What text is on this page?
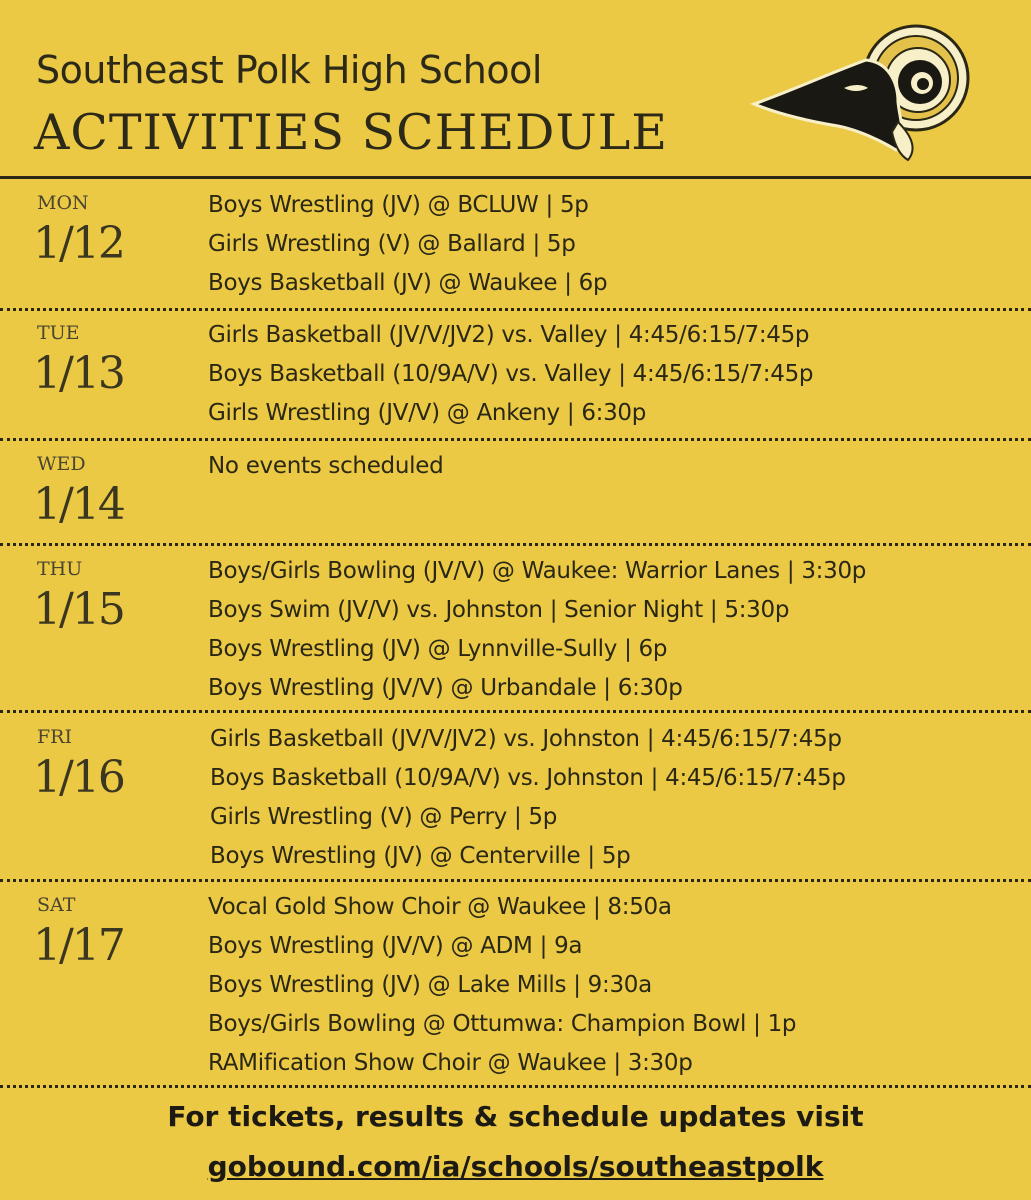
Southeast Polk High School
ACTIVITIES SCHEDULE
MON
1/12
Boys Wrestling (JV) @ BCLUW | 5p
Girls Wrestling (V) @ Ballard | 5p
Boys Basketball (JV) @ Waukee | 6p
TUE
1/13
Girls Basketball (JV/V/JV2) vs. Valley | 4:45/6:15/7:45p
Boys Basketball (10/9A/V) vs. Valley | 4:45/6:15/7:45p
Girls Wrestling (JV/V) @ Ankeny | 6:30p
WED
1/14
No events scheduled
THU
1/15
Boys/Girls Bowling (JV/V) @ Waukee: Warrior Lanes | 3:30p
Boys Swim (JV/V) vs. Johnston | Senior Night | 5:30p
Boys Wrestling (JV) @ Lynnville-Sully | 6p
Boys Wrestling (JV/V) @ Urbandale | 6:30p
FRI
1/16
Girls Basketball (JV/V/JV2) vs. Johnston | 4:45/6:15/7:45p
Boys Basketball (10/9A/V) vs. Johnston | 4:45/6:15/7:45p
Girls Wrestling (V) @ Perry | 5p
Boys Wrestling (JV) @ Centerville | 5p
SAT
1/17
Vocal Gold Show Choir @ Waukee | 8:50a
Boys Wrestling (JV/V) @ ADM | 9a
Boys Wrestling (JV) @ Lake Mills | 9:30a
Boys/Girls Bowling @ Ottumwa: Champion Bowl | 1p
RAMification Show Choir @ Waukee | 3:30p
For tickets, results & schedule updates visit
gobound.com/ia/schools/southeastpolk
